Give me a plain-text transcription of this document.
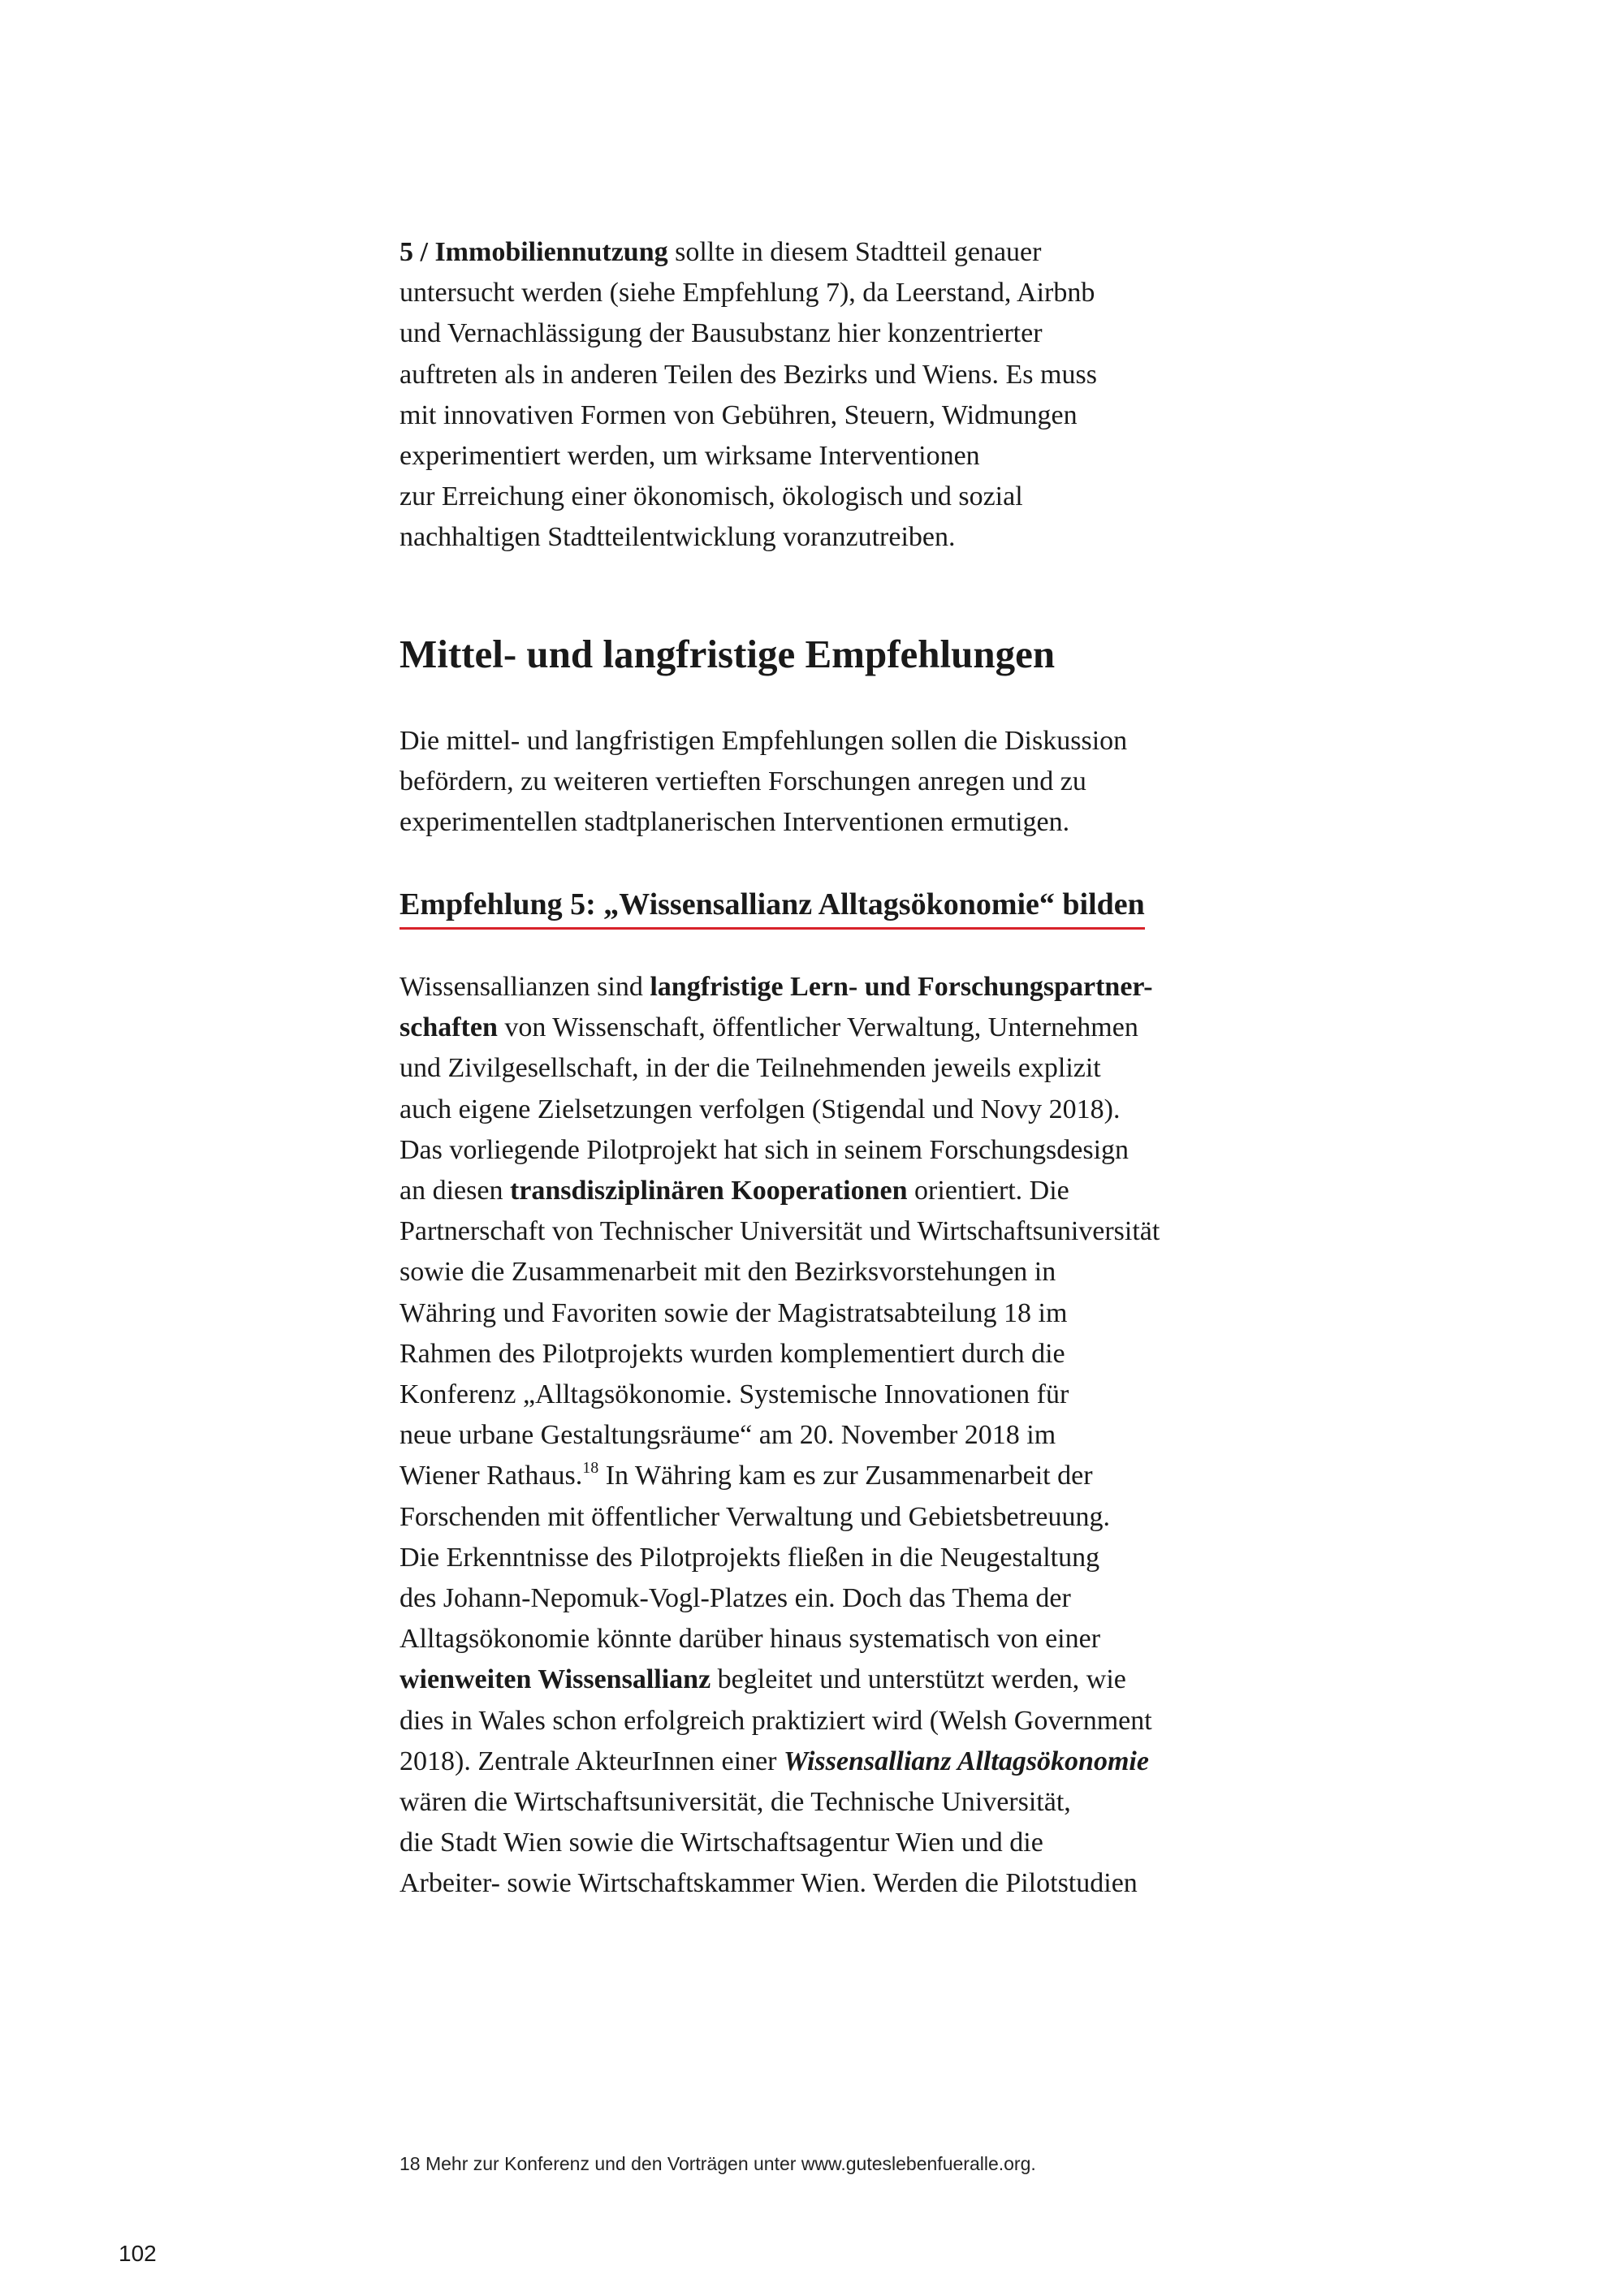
5 / Immobiliennutzung sollte in diesem Stadtteil genauer
untersucht werden (siehe Empfehlung 7), da Leerstand, Airbnb
und Vernachlässigung der Bausubstanz hier konzentrierter
auftreten als in anderen Teilen des Bezirks und Wiens. Es muss
mit innovativen Formen von Gebühren, Steuern, Widmungen
experimentiert werden, um wirksame Interventionen
zur Erreichung einer ökonomisch, ökologisch und sozial
nachhaltigen Stadtteilentwicklung voranzutreiben.
Mittel- und langfristige Empfehlungen
Die mittel- und langfristigen Empfehlungen sollen die Diskussion
befördern, zu weiteren vertieften Forschungen anregen und zu
experimentellen stadtplanerischen Interventionen ermutigen.
Empfehlung 5: „Wissensallianz Alltagsökonomie“ bilden
Wissensallianzen sind langfristige Lern- und Forschungspartner-
schaften von Wissenschaft, öffentlicher Verwaltung, Unternehmen
und Zivilgesellschaft, in der die Teilnehmenden jeweils explizit
auch eigene Zielsetzungen verfolgen (Stigendal und Novy 2018).
Das vorliegende Pilotprojekt hat sich in seinem Forschungsdesign
an diesen transdisziplinären Kooperationen orientiert. Die
Partnerschaft von Technischer Universität und Wirtschaftsuniversität
sowie die Zusammenarbeit mit den Bezirksvorstehungen in
Währing und Favoriten sowie der Magistratsabteilung 18 im
Rahmen des Pilotprojekts wurden komplementiert durch die
Konferenz „Alltagsökonomie. Systemische Innovationen für
neue urbane Gestaltungsräume“ am 20. November 2018 im
Wiener Rathaus.$^{18}$ In Währing kam es zur Zusammenarbeit der
Forschenden mit öffentlicher Verwaltung und Gebietsbetreuung.
Die Erkenntnisse des Pilotprojekts fließen in die Neugestaltung
des Johann-Nepomuk-Vogl-Platzes ein. Doch das Thema der
Alltagsökonomie könnte darüber hinaus systematisch von einer
wienweiten Wissensallianz begleitet und unterstützt werden, wie
dies in Wales schon erfolgreich praktiziert wird (Welsh Government
2018). Zentrale AkteurInnen einer Wissensallianz Alltagsökonomie
wären die Wirtschaftsuniversität, die Technische Universität,
die Stadt Wien sowie die Wirtschaftsagentur Wien und die
Arbeiter- sowie Wirtschaftskammer Wien. Werden die Pilotstudien
18 Mehr zur Konferenz und den Vorträgen unter www.guteslebenfueralle.org.
102
